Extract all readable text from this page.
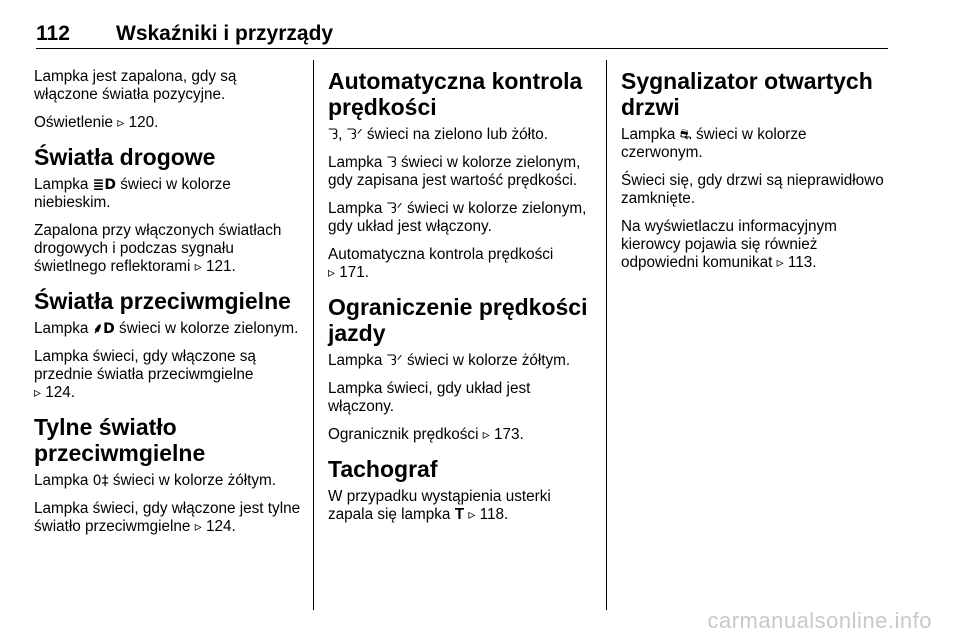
112 Wskaźniki i przyrządy

Lampka jest zapalona, gdy są włączone światła pozycyjne.

Oświetlenie ▹ 120.

Światła drogowe

Lampka ≣D świeci w kolorze niebieskim.

Zapalona przy włączonych światłach drogowych i podczas sygnału świetlnego reflektorami ▹ 121.

Światła przeciwmgielne

Lampka ⸙D świeci w kolorze zielonym.

Lampka świeci, gdy włączone są przednie światła przeciwmgielne
▹ 124.

Tylne światło przeciwmgielne

Lampka 0‡ świeci w kolorze żółtym.

Lampka świeci, gdy włączone jest tylne światło przeciwmgielne ▹ 124.

Automatyczna kontrola prędkości

ᘊ, ᘊᐟ świeci na zielono lub żółto.

Lampka ᘊ świeci w kolorze zielonym, gdy zapisana jest wartość prędkości.

Lampka ᘊᐟ świeci w kolorze zielonym, gdy układ jest włączony.

Automatyczna kontrola prędkości
▹ 171.

Ograniczenie prędkości jazdy

Lampka ᘊᐟ świeci w kolorze żółtym.

Lampka świeci, gdy układ jest włączony.

Ogranicznik prędkości ▹ 173.

Tachograf

W przypadku wystąpienia usterki zapala się lampka T ▹ 118.

Sygnalizator otwartych drzwi

Lampka ⛐ świeci w kolorze czerwonym.

Świeci się, gdy drzwi są nieprawidłowo zamknięte.

Na wyświetlaczu informacyjnym kierowcy pojawia się również odpowiedni komunikat ▹ 113.

carmanualsonline.info
